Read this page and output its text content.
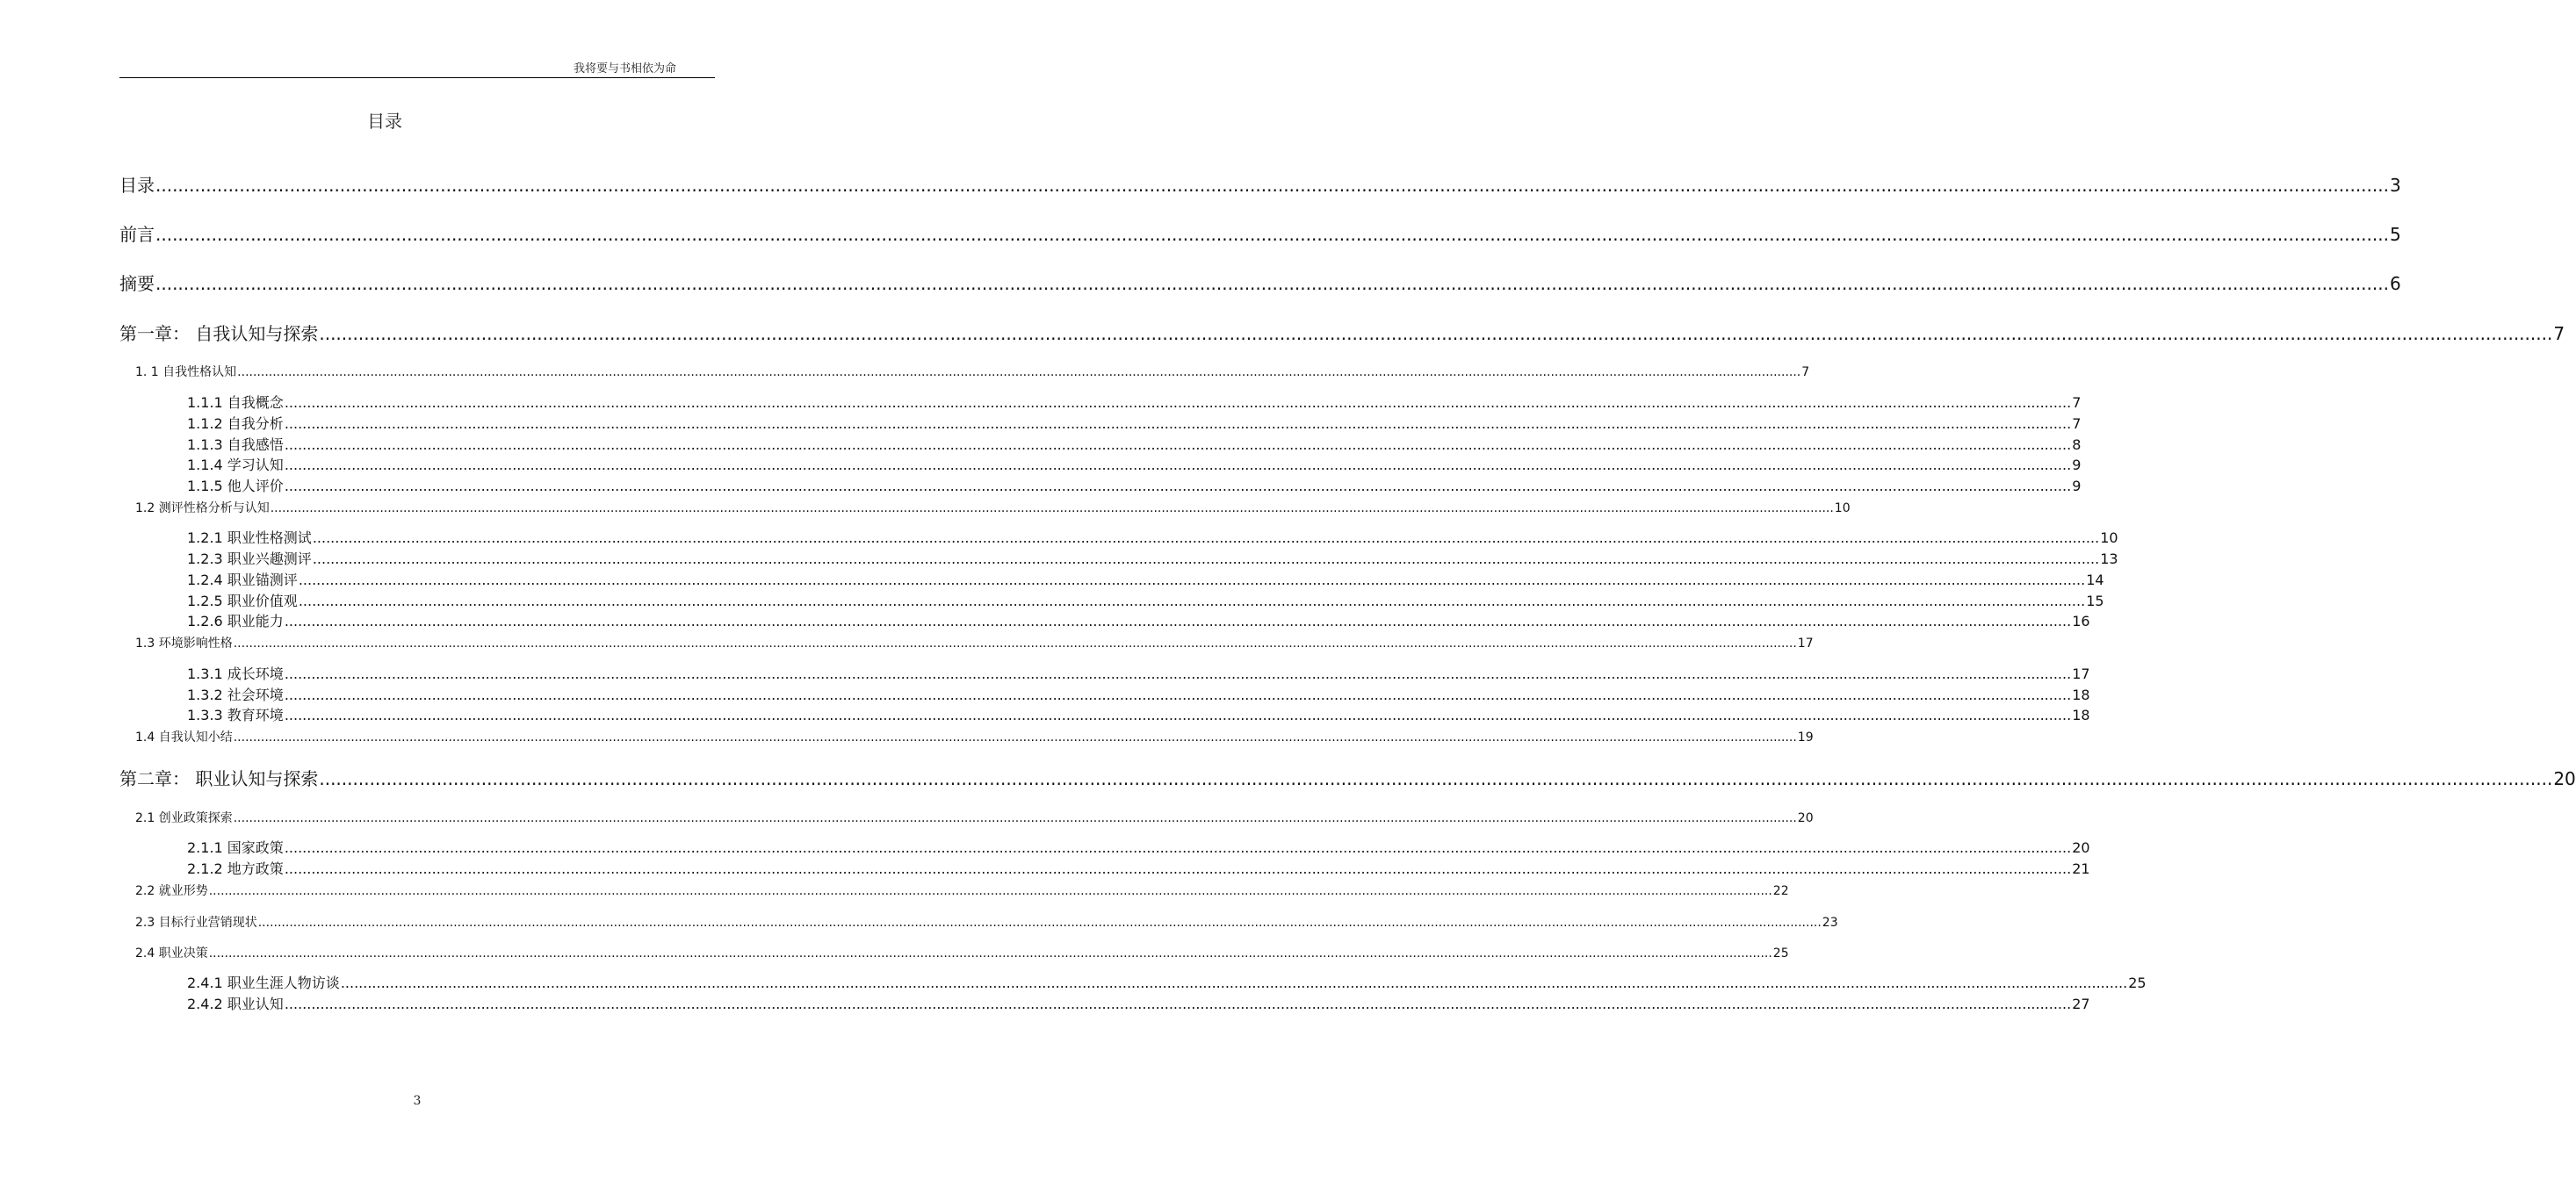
我将要与书相依为命
目录
目录 ................................................................................................................................................................................................................................................................................................................................................................................................................ 3
前言 ................................................................................................................................................................................................................................................................................................................................................................................................................ 5
摘要 ................................................................................................................................................................................................................................................................................................................................................................................................................ 6
第一章： 自我认知与探索 ................................................................................................................................................................................................................................................................................................................................................................................................................ 7
1. 1 自我性格认知 ................................................................................................................................................................................................................................................................................................................................................................................................................ 7
1.1.1 自我概念 ................................................................................................................................................................................................................................................................................................................................................................................................................ 7
1.1.2 自我分析 ................................................................................................................................................................................................................................................................................................................................................................................................................ 7
1.1.3 自我感悟 ................................................................................................................................................................................................................................................................................................................................................................................................................ 8
1.1.4 学习认知 ................................................................................................................................................................................................................................................................................................................................................................................................................ 9
1.1.5 他人评价 ................................................................................................................................................................................................................................................................................................................................................................................................................ 9
1.2 测评性格分析与认知 ................................................................................................................................................................................................................................................................................................................................................................................................................ 10
1.2.1 职业性格测试 ................................................................................................................................................................................................................................................................................................................................................................................................................ 10
1.2.3 职业兴趣测评 ................................................................................................................................................................................................................................................................................................................................................................................................................ 13
1.2.4 职业锚测评 ................................................................................................................................................................................................................................................................................................................................................................................................................ 14
1.2.5 职业价值观 ................................................................................................................................................................................................................................................................................................................................................................................................................ 15
1.2.6 职业能力 ................................................................................................................................................................................................................................................................................................................................................................................................................ 16
1.3 环境影响性格 ................................................................................................................................................................................................................................................................................................................................................................................................................ 17
1.3.1 成长环境 ................................................................................................................................................................................................................................................................................................................................................................................................................ 17
1.3.2 社会环境 ................................................................................................................................................................................................................................................................................................................................................................................................................ 18
1.3.3 教育环境 ................................................................................................................................................................................................................................................................................................................................................................................................................ 18
1.4 自我认知小结 ................................................................................................................................................................................................................................................................................................................................................................................................................ 19
第二章： 职业认知与探索 ................................................................................................................................................................................................................................................................................................................................................................................................................ 20
2.1 创业政策探索 ................................................................................................................................................................................................................................................................................................................................................................................................................ 20
2.1.1 国家政策 ................................................................................................................................................................................................................................................................................................................................................................................................................ 20
2.1.2 地方政策 ................................................................................................................................................................................................................................................................................................................................................................................................................ 21
2.2 就业形势 ................................................................................................................................................................................................................................................................................................................................................................................................................ 22
2.3 目标行业营销现状 ................................................................................................................................................................................................................................................................................................................................................................................................................ 23
2.4 职业决策 ................................................................................................................................................................................................................................................................................................................................................................................................................ 25
2.4.1 职业生涯人物访谈 ................................................................................................................................................................................................................................................................................................................................................................................................................ 25
2.4.2 职业认知 ................................................................................................................................................................................................................................................................................................................................................................................................................ 27
3
